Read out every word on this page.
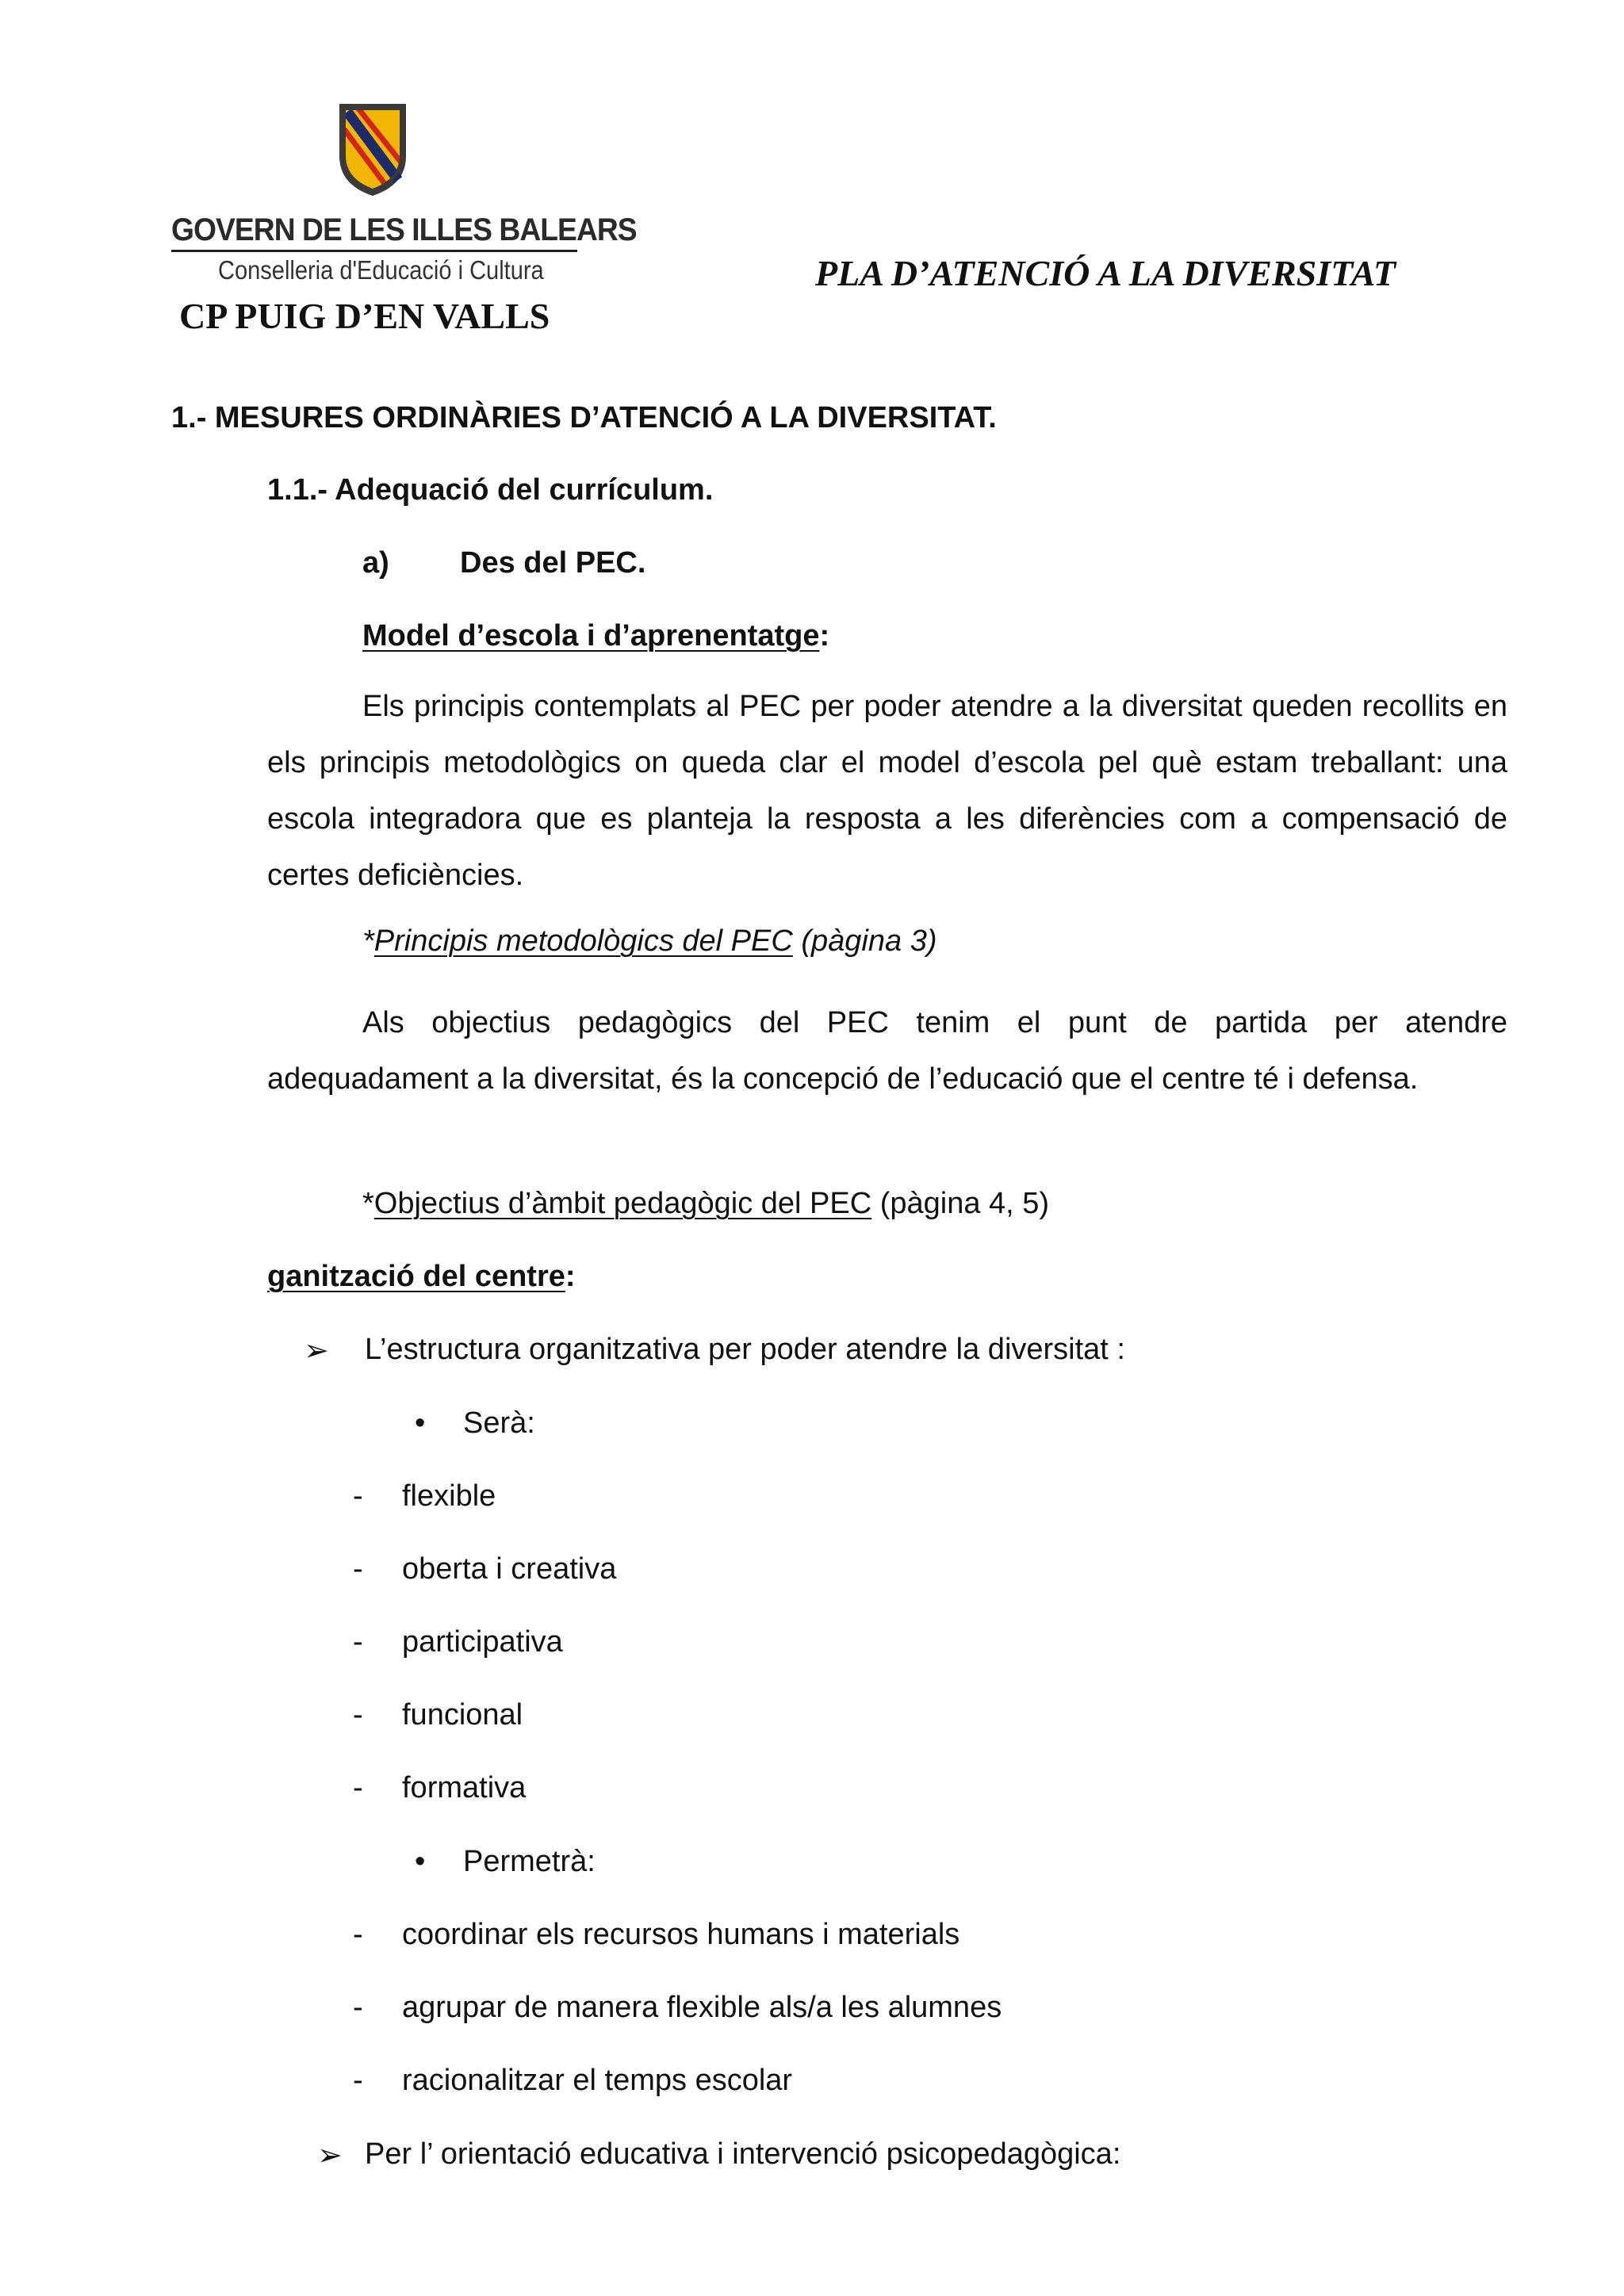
GOVERN DE LES ILLES BALEARS
Conselleria d'Educació i Cultura
CP PUIG D’EN VALLS
PLA D’ATENCIÓ A LA DIVERSITAT
1.- MESURES ORDINÀRIES D’ATENCIÓ A LA DIVERSITAT.
1.1.- Adequació del currículum.
a) Des del PEC.
Model d’escola i d’aprenentatge:

Els principis contemplats al PEC per poder atendre a la diversitat queden recollits en els principis metodològics on queda clar el model d’escola pel què estam treballant: una escola integradora que es planteja la resposta a les diferències com a compensació de certes deficiències.

*Principis metodològics del PEC (pàgina 3)

Als objectius pedagògics del PEC tenim el punt de partida per atendre adequadament a la diversitat, és la concepció de l’educació que el centre té i defensa.

*Objectius d’àmbit pedagògic del PEC (pàgina 4, 5)
ganització del centre:
➢ L’estructura organitzativa per poder atendre la diversitat :
• Serà:
- flexible
- oberta i creativa
- participativa
- funcional
- formativa
• Permetrà:
- coordinar els recursos humans i materials
- agrupar de manera flexible als/a les alumnes
- racionalitzar el temps escolar
➢ Per l’ orientació educativa i intervenció psicopedagògica:
